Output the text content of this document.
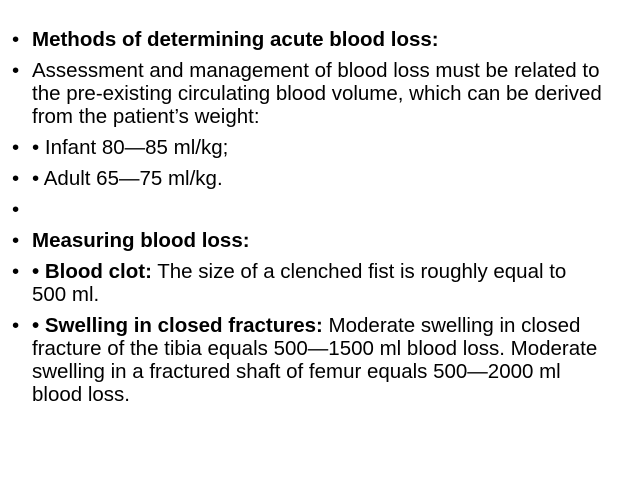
• Methods of determining acute blood loss:
• Assessment and management of blood loss must be related to the pre-existing circulating blood volume, which can be derived from the patient’s weight:
• • Infant 80—85 ml/kg;
• • Adult 65—75 ml/kg.
•
• Measuring blood loss:
• • Blood clot: The size of a clenched fist is roughly equal to 500 ml.
• • Swelling in closed fractures: Moderate swelling in closed fracture of the tibia equals 500—1500 ml blood loss. Moderate swelling in a fractured shaft of femur equals 500—2000 ml blood loss.
